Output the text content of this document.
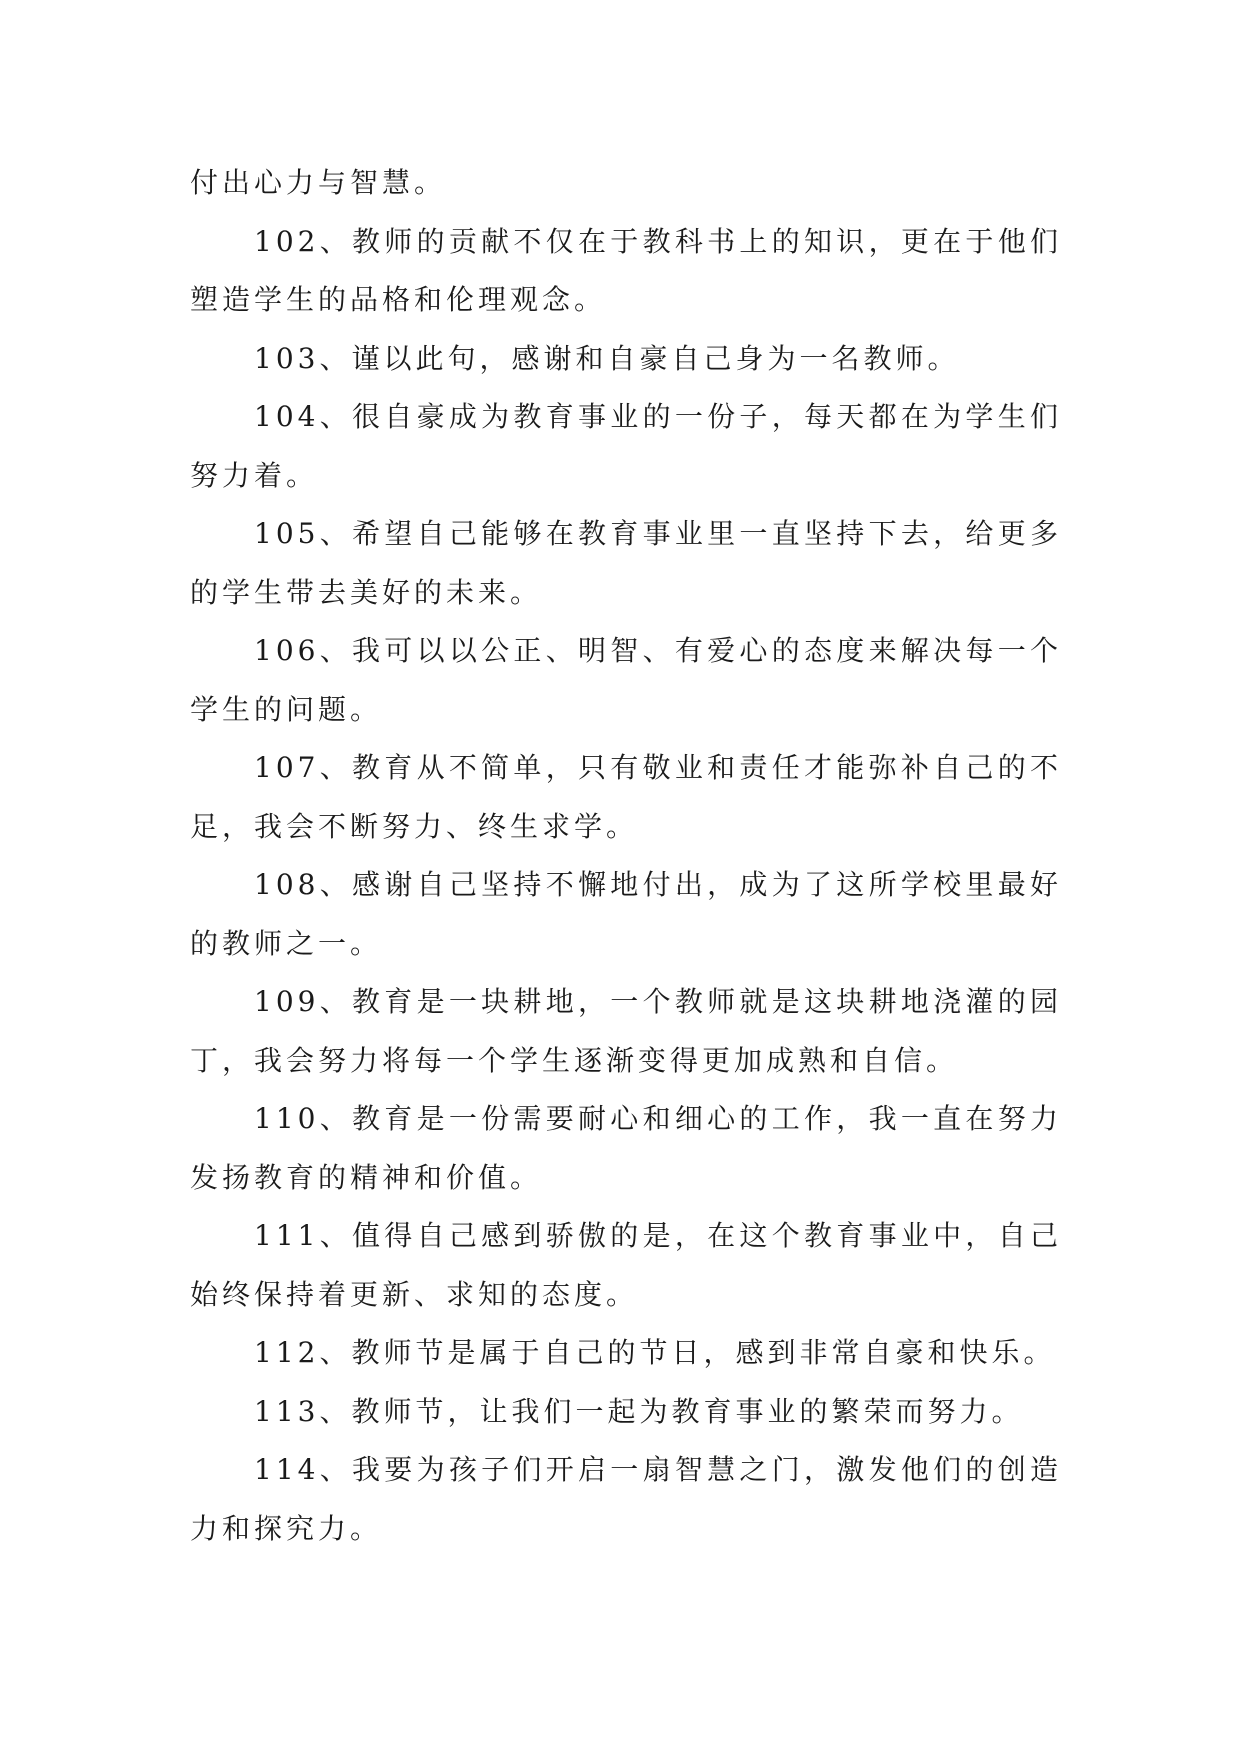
付出心力与智慧。

102、教师的贡献不仅在于教科书上的知识，更在于他们塑造学生的品格和伦理观念。

103、谨以此句，感谢和自豪自己身为一名教师。

104、很自豪成为教育事业的一份子，每天都在为学生们努力着。

105、希望自己能够在教育事业里一直坚持下去，给更多的学生带去美好的未来。

106、我可以以公正、明智、有爱心的态度来解决每一个学生的问题。

107、教育从不简单，只有敬业和责任才能弥补自己的不足，我会不断努力、终生求学。

108、感谢自己坚持不懈地付出，成为了这所学校里最好的教师之一。

109、教育是一块耕地，一个教师就是这块耕地浇灌的园丁，我会努力将每一个学生逐渐变得更加成熟和自信。

110、教育是一份需要耐心和细心的工作，我一直在努力发扬教育的精神和价值。

111、值得自己感到骄傲的是，在这个教育事业中，自己始终保持着更新、求知的态度。

112、教师节是属于自己的节日，感到非常自豪和快乐。

113、教师节，让我们一起为教育事业的繁荣而努力。

114、我要为孩子们开启一扇智慧之门，激发他们的创造力和探究力。
